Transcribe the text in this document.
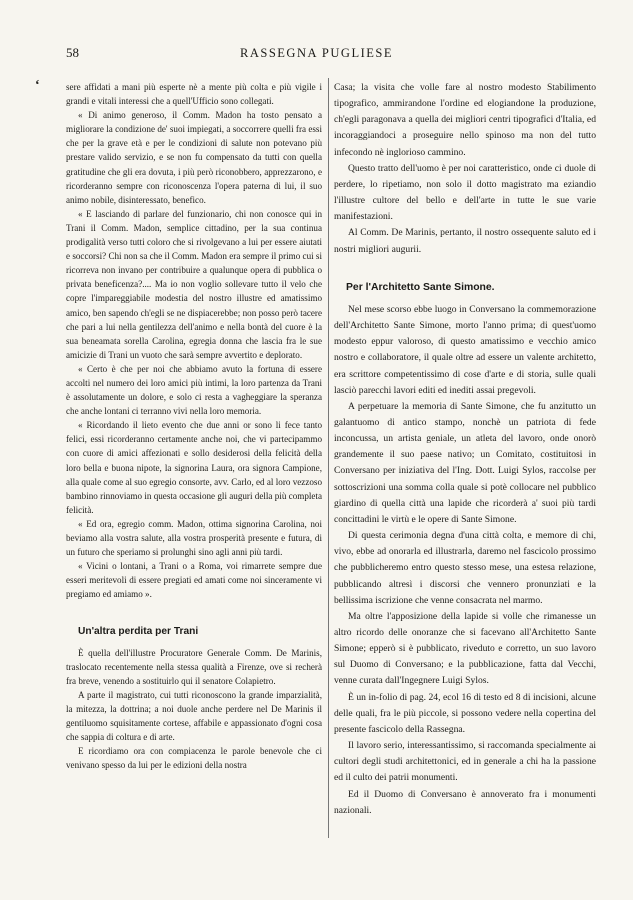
58	RASSEGNA PUGLIESE
ʻ	sere affidati a mani più esperte nè a mente più colta e più vigile i grandi e vitali interessi che a quell'Ufficio sono collegati.

« Di animo generoso, il Comm. Madon ha tosto pensato a migliorare la condizione de' suoi impiegati, a soccorrere quelli fra essi che per la grave età e per le condizioni di salute non potevano più prestare valido servizio, e se non fu compensato da tutti con quella gratitudine che gli era dovuta, i più però riconobbero, apprezzarono, e ricorderanno sempre con riconoscenza l'opera paterna di lui, il suo animo nobile, disinteressato, benefico.

« E lasciando di parlare del funzionario, chi non conosce qui in Trani il Comm. Madon, semplice cittadino, per la sua continua prodigalità verso tutti coloro che si rivolgevano a lui per essere aiutati e soccorsi? Chi non sa che il Comm. Madon era sempre il primo cui si ricorreva non invano per contribuire a qualunque opera di pubblica o privata beneficenza?.... Ma io non voglio sollevare tutto il velo che copre l'impareggiabile modestia del nostro illustre ed amatissimo amico, ben sapendo ch'egli se ne dispiacerebbe; non posso però tacere che pari a lui nella gentilezza dell'animo e nella bontà del cuore è la sua beneamata sorella Carolina, egregia donna che lascia fra le sue amicizie di Trani un vuoto che sarà sempre avvertito e deplorato.

« Certo è che per noi che abbiamo avuto la fortuna di essere accolti nel numero dei loro amici più intimi, la loro partenza da Trani è assolutamente un dolore, e solo ci resta a vagheggiare la speranza che anche lontani ci terranno vivi nella loro memoria.

« Ricordando il lieto evento che due anni or sono li fece tanto felici, essi ricorderanno certamente anche noi, che vi partecipammo con cuore di amici affezionati e sollo desiderosi della felicità della loro bella e buona nipote, la signorina Laura, ora signora Campione, alla quale come al suo egregio consorte, avv. Carlo, ed al loro vezzoso bambino rinnoviamo in questa occasione gli auguri della più completa felicità.

« Ed ora, egregio comm. Madon, ottima signorina Carolina, noi beviamo alla vostra salute, alla vostra prosperità presente e futura, di un futuro che speriamo si prolunghi sino agli anni più tardi.

« Vicini o lontani, a Trani o a Roma, voi rimarrete sempre due esseri meritevoli di essere pregiati ed amati come noi sinceramente vi pregiamo ed amiamo ».

Un'altra perdita per Trani

È quella dell'illustre Procuratore Generale Comm. De Marinis, traslocato recentemente nella stessa qualità a Firenze, ove si recherà fra breve, venendo a sostituirlo qui il senatore Colapietro.

A parte il magistrato, cui tutti riconoscono la grande imparzialità, la mitezza, la dottrina; a noi duole anche perdere nel De Marinis il gentiluomo squisitamente cortese, affabile e appassionato d'ogni cosa che sappia di coltura e di arte.

E ricordiamo ora con compiacenza le parole benevole che ci venivano spesso da lui per le edizioni della nostra

Casa; la visita che volle fare al nostro modesto Stabilimento tipografico, ammirandone l'ordine ed elogiandone la produzione, ch'egli paragonava a quella dei migliori centri tipografici d'Italia, ed incoraggiandoci a proseguire nello spinoso ma non del tutto infecondo nè inglorioso cammino.

Questo tratto dell'uomo è per noi caratteristico, onde ci duole di perdere, lo ripetiamo, non solo il dotto magistrato ma eziandio l'illustre cultore del bello e dell'arte in tutte le sue varie manifestazioni.

Al Comm. De Marinis, pertanto, il nostro ossequente saluto ed i nostri migliori augurii.

Per l'Architetto Sante Simone.

Nel mese scorso ebbe luogo in Conversano la commemorazione dell'Architetto Sante Simone, morto l'anno prima; di quest'uomo modesto eppur valoroso, di questo amatissimo e vecchio amico nostro e collaboratore, il quale oltre ad essere un valente architetto, era scrittore competentissimo di cose d'arte e di storia, sulle quali lasciò parecchi lavori editi ed inediti assai pregevoli.

A perpetuare la memoria di Sante Simone, che fu anzitutto un galantuomo di antico stampo, nonchè un patriota di fede inconcussa, un artista geniale, un atleta del lavoro, onde onorò grandemente il suo paese nativo; un Comitato, costituitosi in Conversano per iniziativa del l'Ing. Dott. Luigi Sylos, raccolse per sottoscrizioni una somma colla quale si potè collocare nel pubblico giardino di quella città una lapide che ricorderà a' suoi più tardi concittadini le virtù e le opere di Sante Simone.

Di questa cerimonia degna d'una città colta, e memore di chi, vivo, ebbe ad onorarla ed illustrarla, daremo nel fascicolo prossimo che pubblicheremo entro questo stesso mese, una estesa relazione, pubblicando altresì i discorsi che vennero pronunziati e la bellissima iscrizione che venne consacrata nel marmo.

Ma oltre l'apposizione della lapide si volle che rimanesse un altro ricordo delle onoranze che si facevano all'Architetto Sante Simone; epperò si è pubblicato, riveduto e corretto, un suo lavoro sul Duomo di Conversano; e la pubblicazione, fatta dal Vecchi, venne curata dall'Ingegnere Luigi Sylos.

È un in-folio di pag. 24, ecol 16 di testo ed 8 di incisioni, alcune delle quali, fra le più piccole, si possono vedere nella copertina del presente fascicolo della Rassegna.

Il lavoro serio, interessantissimo, si raccomanda specialmente ai cultori degli studi architettonici, ed in generale a chi ha la passione ed il culto dei patrii monumenti.

Ed il Duomo di Conversano è annoverato fra i monumenti nazionali.
